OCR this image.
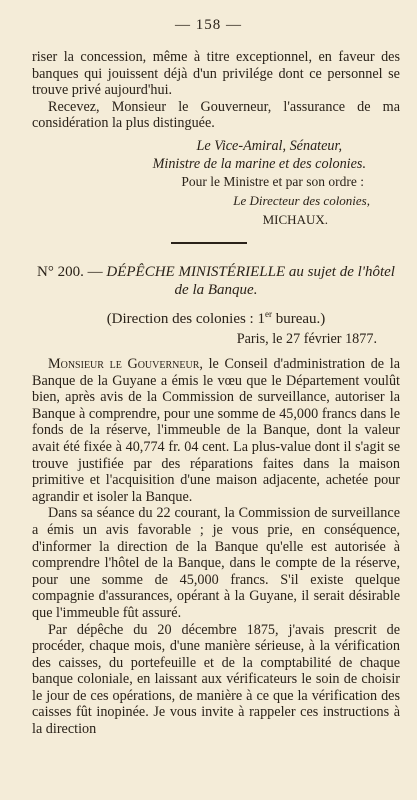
— 158 —

riser la concession, même à titre exceptionnel, en faveur des banques qui jouissent déjà d'un privilége dont ce personnel se trouve privé aujourd'hui.

Recevez, Monsieur le Gouverneur, l'assurance de ma considération la plus distinguée.

Le Vice-Amiral, Sénateur,

Ministre de la marine et des colonies.

Pour le Ministre et par son ordre :

Le Directeur des colonies,

MICHAUX.

N° 200. — DÉPÊCHE MINISTÉRIELLE au sujet de l'hôtel de la Banque.
(Direction des colonies : 1er bureau.)
Paris, le 27 février 1877.

Monsieur le Gouverneur, le Conseil d'administration de la Banque de la Guyane a émis le vœu que le Département voulût bien, après avis de la Commission de surveillance, autoriser la Banque à comprendre, pour une somme de 45,000 francs dans le fonds de la réserve, l'immeuble de la Banque, dont la valeur avait été fixée à 40,774 fr. 04 cent. La plus-value dont il s'agit se trouve justifiée par des réparations faites dans la maison primitive et l'acquisition d'une maison adjacente, achetée pour agrandir et isoler la Banque.

Dans sa séance du 22 courant, la Commission de surveillance a émis un avis favorable ; je vous prie, en conséquence, d'informer la direction de la Banque qu'elle est autorisée à comprendre l'hôtel de la Banque, dans le compte de la réserve, pour une somme de 45,000 francs. S'il existe quelque compagnie d'assurances, opérant à la Guyane, il serait désirable que l'immeuble fût assuré.

Par dépêche du 20 décembre 1875, j'avais prescrit de procéder, chaque mois, d'une manière sérieuse, à la vérification des caisses, du portefeuille et de la comptabilité de chaque banque coloniale, en laissant aux vérificateurs le soin de choisir le jour de ces opérations, de manière à ce que la vérification des caisses fût inopinée. Je vous invite à rappeler ces instructions à la direction
